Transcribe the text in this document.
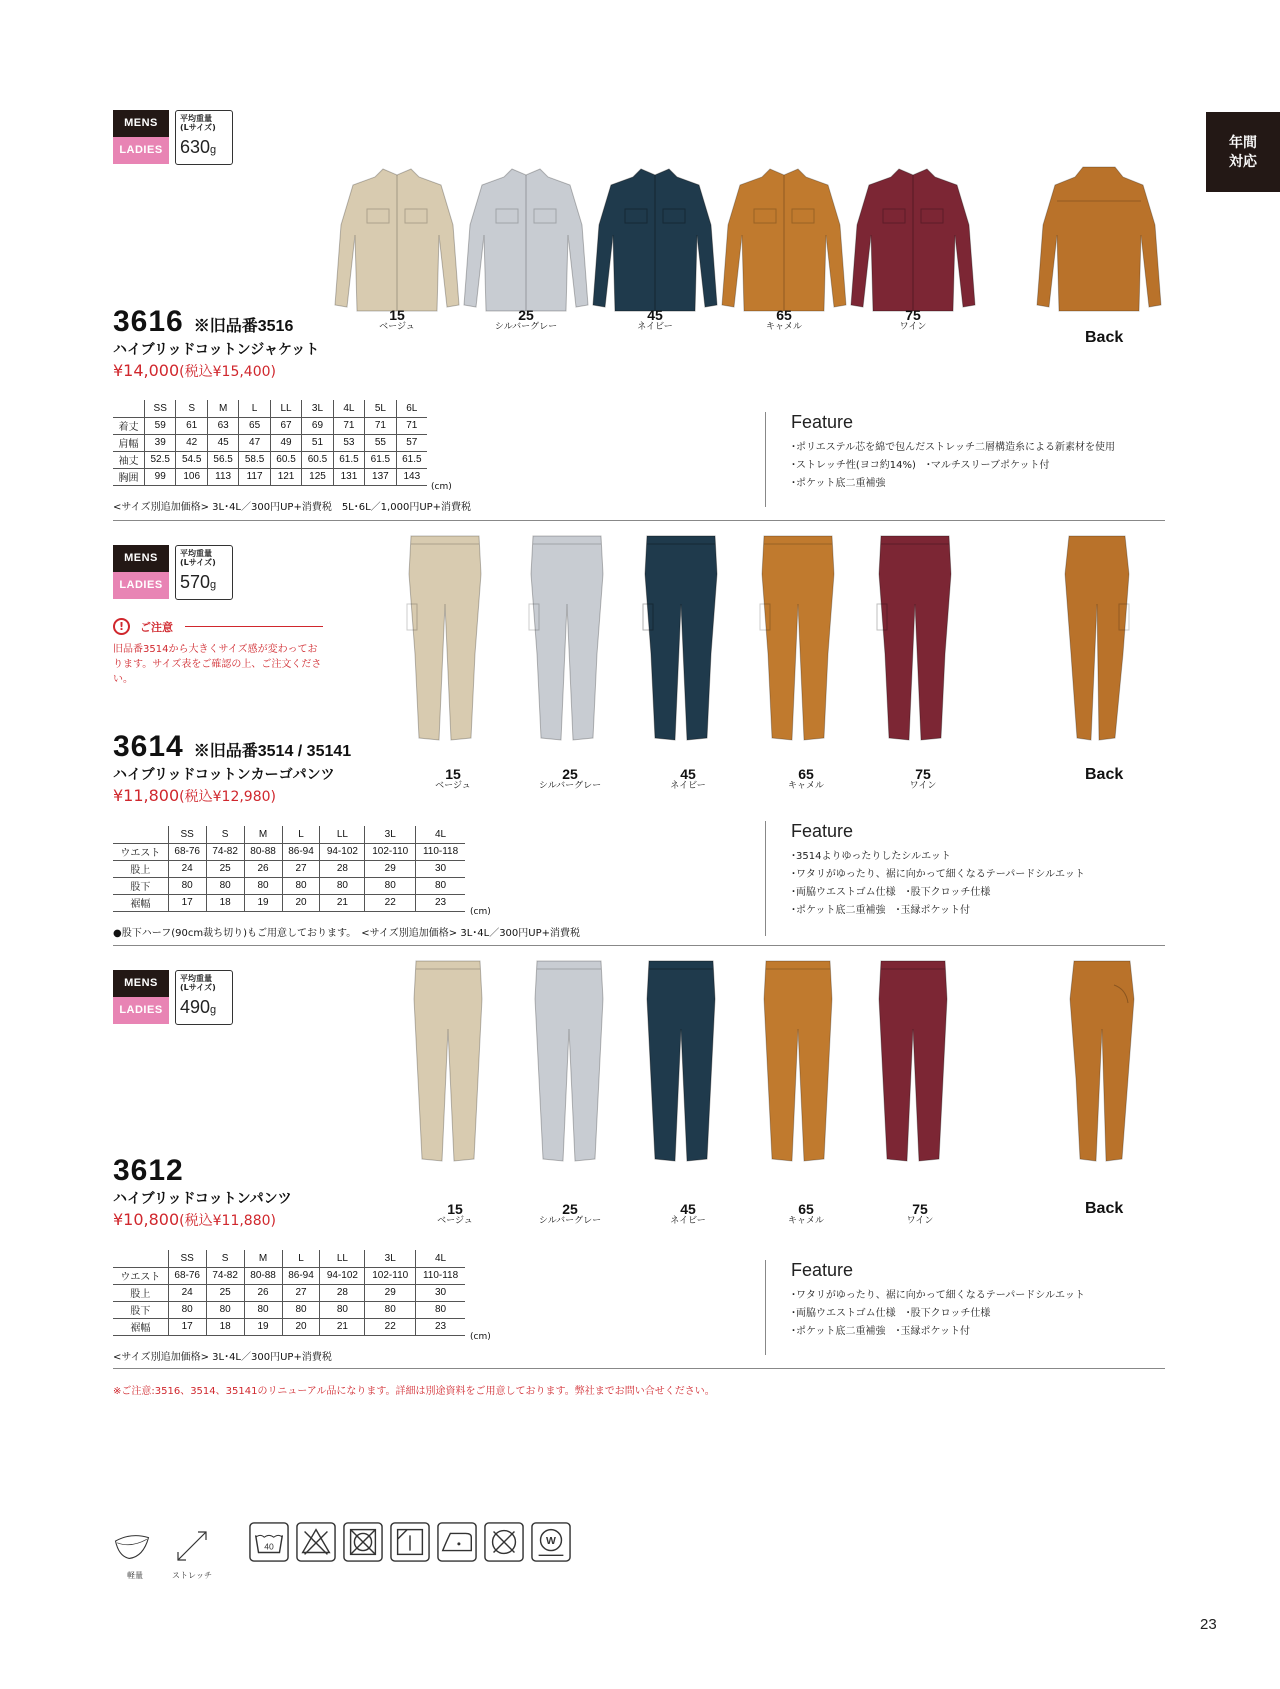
年間
対応
MENS
LADIES
平均重量
(Lサイズ)
630g
15
ベージュ
25
シルバーグレー
45
ネイビー
65
キャメル
75
ワイン
Back
3616 ※旧品番3516
ハイブリッドコットンジャケット
¥14,000(税込¥15,400)
	SS	S	M	L	LL	3L	4L	5L	6L
着丈	59	61	63	65	67	69	71	71	71
肩幅	39	42	45	47	49	51	53	55	57
袖丈	52.5	54.5	56.5	58.5	60.5	60.5	61.5	61.5	61.5
胸囲	99	106	113	117	121	125	131	137	143
(cm)
<サイズ別追加価格> 3L･4L／300円UP+消費税　5L･6L／1,000円UP+消費税
Feature
･ポリエステル芯を綿で包んだストレッチ二層構造糸による新素材を使用
･ストレッチ性(ヨコ約14%)　･マルチスリーブポケット付
･ポケット底二重補強
MENS
LADIES
平均重量
(Lサイズ)
570g
!	ご注意
旧品番3514から大きくサイズ感が変わっております。サイズ表をご確認の上、ご注文ください。
15
ベージュ
25
シルバーグレー
45
ネイビー
65
キャメル
75
ワイン
Back
3614 ※旧品番3514 / 35141
ハイブリッドコットンカーゴパンツ
¥11,800(税込¥12,980)
	SS	S	M	L	LL	3L	4L
ウエスト	68-76	74-82	80-88	86-94	94-102	102-110	110-118
股上	24	25	26	27	28	29	30
股下	80	80	80	80	80	80	80
裾幅	17	18	19	20	21	22	23
(cm)
●股下ハーフ(90cm裁ち切り)もご用意しております。　<サイズ別追加価格> 3L･4L／300円UP+消費税
Feature
･3514よりゆったりしたシルエット
･ワタリがゆったり、裾に向かって細くなるテーパードシルエット
･両脇ウエストゴム仕様　･股下クロッチ仕様
･ポケット底二重補強　･玉縁ポケット付
MENS
LADIES
平均重量
(Lサイズ)
490g
15
ベージュ
25
シルバーグレー
45
ネイビー
65
キャメル
75
ワイン
Back
3612
ハイブリッドコットンパンツ
¥10,800(税込¥11,880)
	SS	S	M	L	LL	3L	4L
ウエスト	68-76	74-82	80-88	86-94	94-102	102-110	110-118
股上	24	25	26	27	28	29	30
股下	80	80	80	80	80	80	80
裾幅	17	18	19	20	21	22	23
(cm)
<サイズ別追加価格> 3L･4L／300円UP+消費税
Feature
･ワタリがゆったり、裾に向かって細くなるテーパードシルエット
･両脇ウエストゴム仕様　･股下クロッチ仕様
･ポケット底二重補強　･玉縁ポケット付
※ご注意:3516、3514、35141のリニューアル品になります。詳細は別途資料をご用意しております。弊社までお問い合せください。
軽量	ストレッチ
40	W
23
